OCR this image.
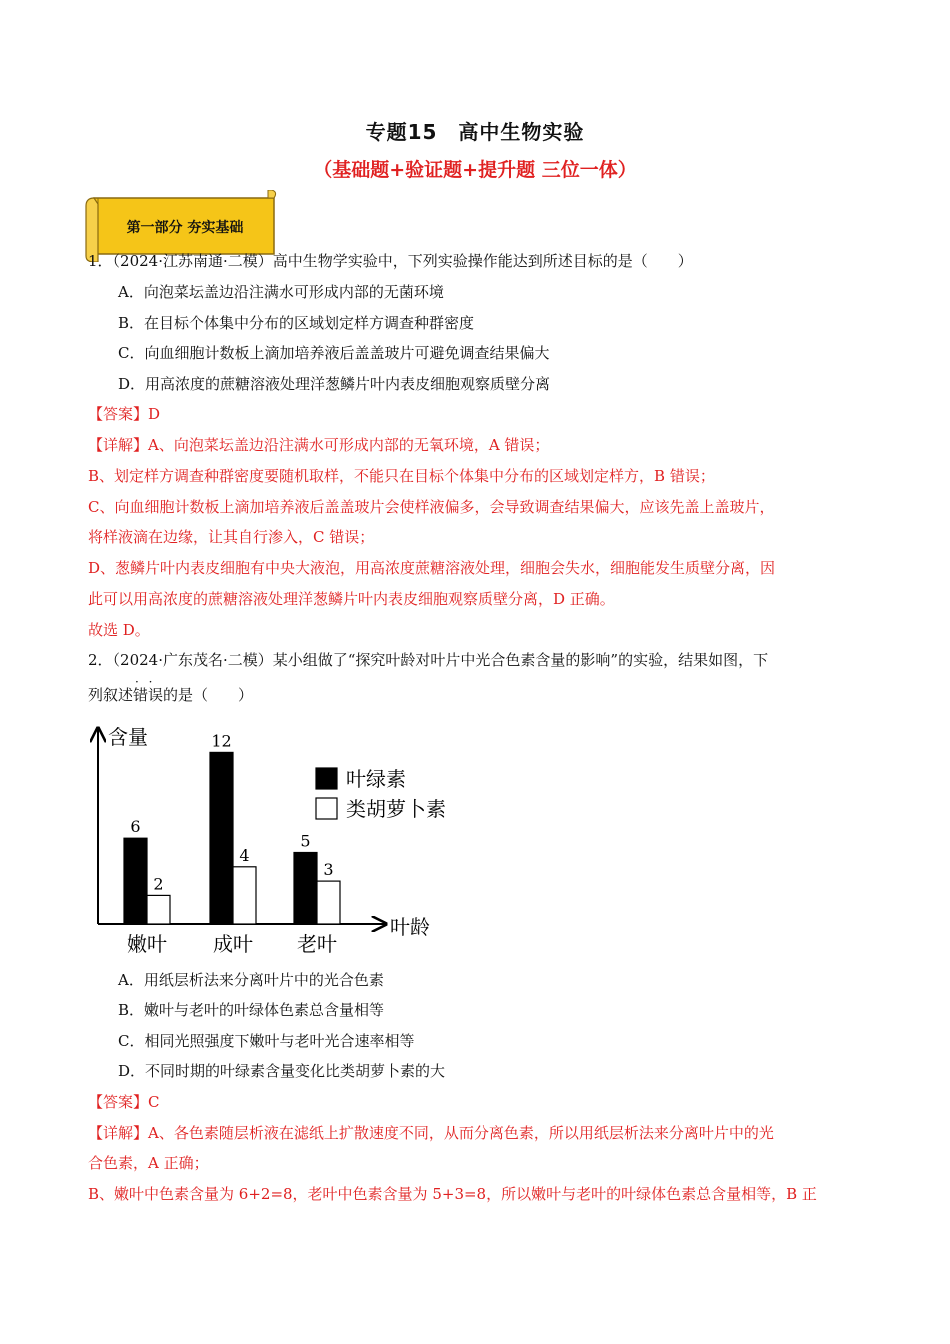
专题15　高中生物实验
（基础题+验证题+提升题 三位一体）
第一部分 夯实基础
1．（2024·江苏南通·二模）高中生物学实验中，下列实验操作能达到所述目标的是（　　）
A．向泡菜坛盖边沿注满水可形成内部的无菌环境
B．在目标个体集中分布的区域划定样方调查种群密度
C．向血细胞计数板上滴加培养液后盖盖玻片可避免调查结果偏大
D．用高浓度的蔗糖溶液处理洋葱鳞片叶内表皮细胞观察质壁分离
【答案】D
【详解】A、向泡菜坛盖边沿注满水可形成内部的无氧环境，A 错误；
B、划定样方调查种群密度要随机取样，不能只在目标个体集中分布的区域划定样方，B 错误；
C、向血细胞计数板上滴加培养液后盖盖玻片会使样液偏多，会导致调查结果偏大，应该先盖上盖玻片，
将样液滴在边缘，让其自行渗入，C 错误；
D、葱鳞片叶内表皮细胞有中央大液泡，用高浓度蔗糖溶液处理，细胞会失水，细胞能发生质壁分离，因
此可以用高浓度的蔗糖溶液处理洋葱鳞片叶内表皮细胞观察质壁分离，D 正确。
故选 D。
2．（2024·广东茂名·二模）某小组做了“探究叶龄对叶片中光合色素含量的影响”的实验，结果如图，下
列叙述错误 · ·的是（　　）
含量
叶龄
6
2
嫩叶
12
4
成叶
5
3
老叶
叶绿素
类胡萝卜素
A．用纸层析法来分离叶片中的光合色素
B．嫩叶与老叶的叶绿体色素总含量相等
C．相同光照强度下嫩叶与老叶光合速率相等
D．不同时期的叶绿素含量变化比类胡萝卜素的大
【答案】C
【详解】A、各色素随层析液在滤纸上扩散速度不同，从而分离色素，所以用纸层析法来分离叶片中的光
合色素，A 正确；
B、嫩叶中色素含量为 6+2=8，老叶中色素含量为 5+3=8，所以嫩叶与老叶的叶绿体色素总含量相等，B 正
